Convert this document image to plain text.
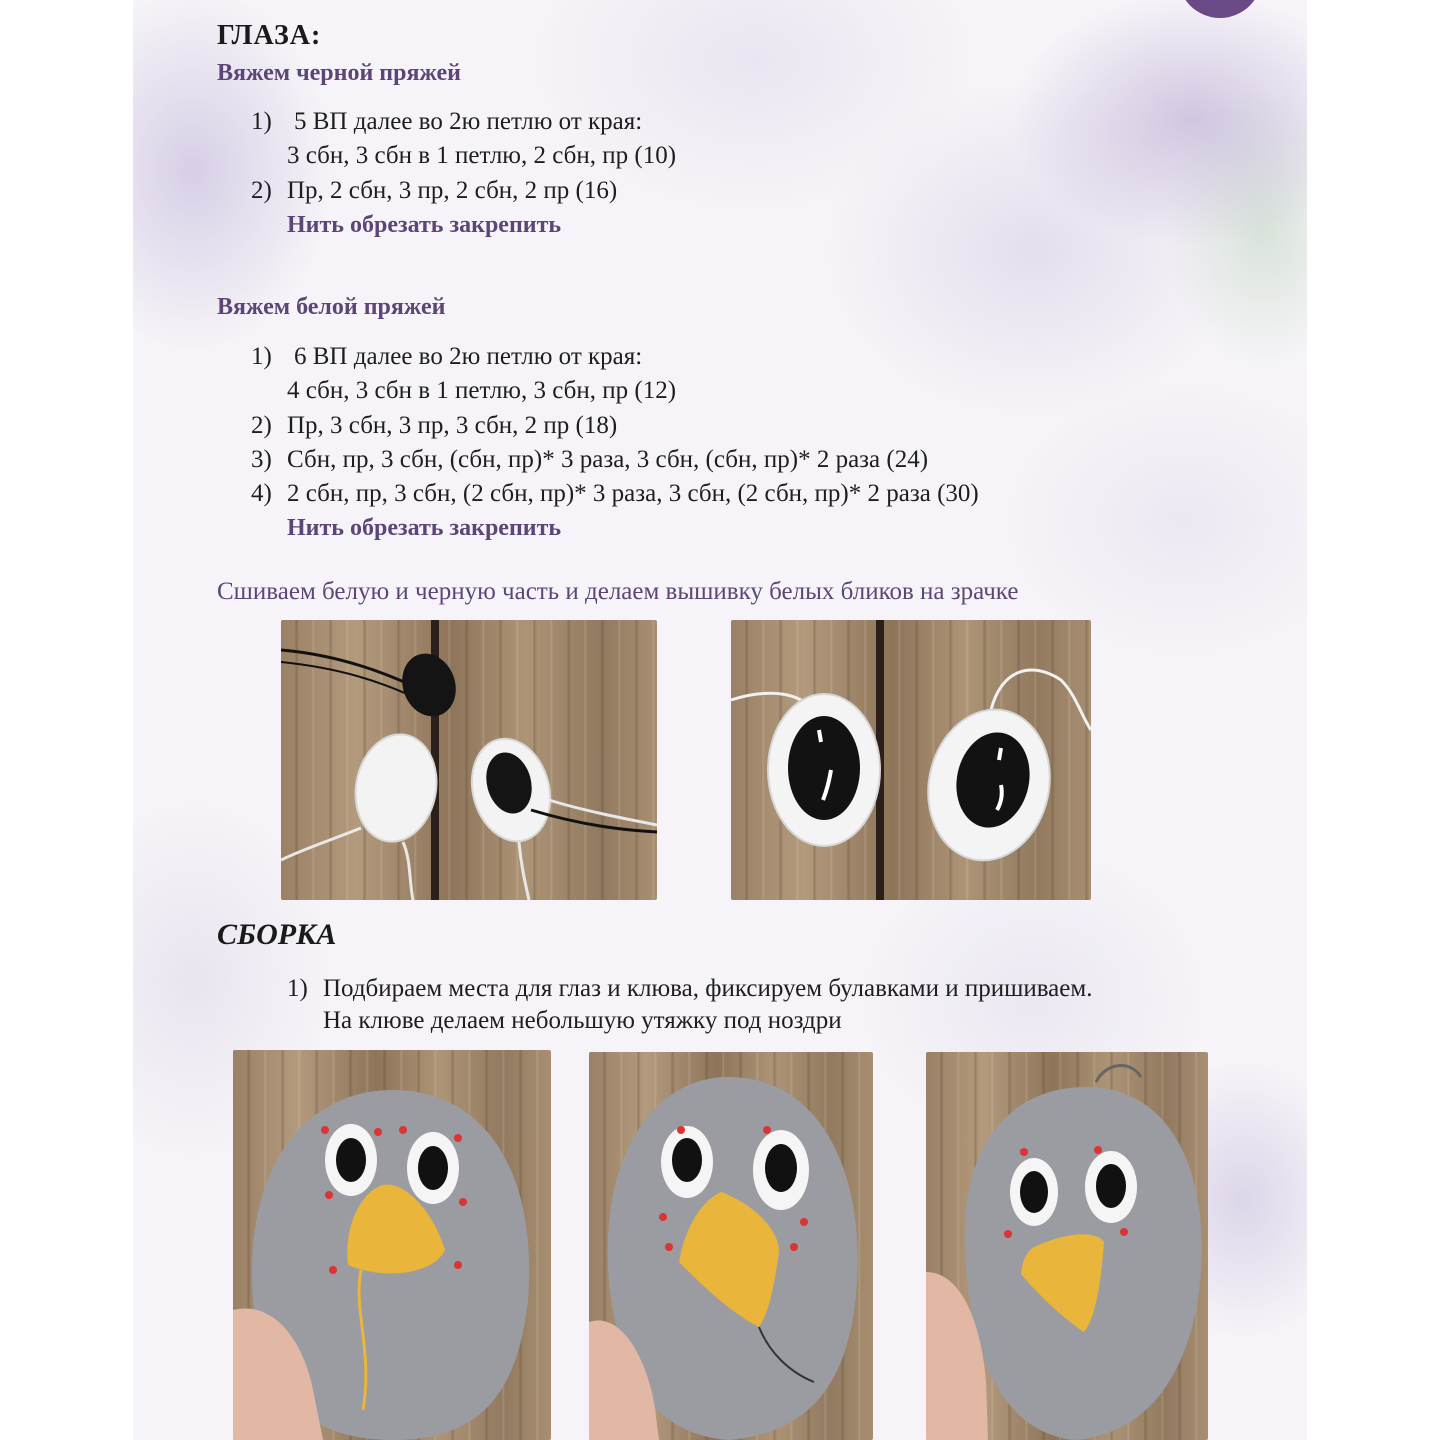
ГЛАЗА:
Вяжем черной пряжей

1) 5 ВП далее во 2ю петлю от края:

3 сбн, 3 сбн в 1 петлю, 2 сбн, пр (10)

2) Пр, 2 сбн, 3 пр, 2 сбн, 2 пр (16)

Нить обрезать закрепить

Вяжем белой пряжей

1) 6 ВП далее во 2ю петлю от края:

4 сбн, 3 сбн в 1 петлю, 3 сбн, пр (12)

2) Пр, 3 сбн, 3 пр, 3 сбн, 2 пр (18)

3) Сбн, пр, 3 сбн, (сбн, пр)* 3 раза, 3 сбн, (сбн, пр)* 2 раза (24)

4) 2 сбн, пр, 3 сбн, (2 сбн, пр)* 3 раза, 3 сбн, (2 сбн, пр)* 2 раза (30)

Нить обрезать закрепить

Сшиваем белую и черную часть и делаем вышивку белых бликов на зрачке

СБОРКА

1) Подбираем места для глаз и клюва, фиксируем булавками и пришиваем.

На клюве делаем небольшую утяжку под ноздри
